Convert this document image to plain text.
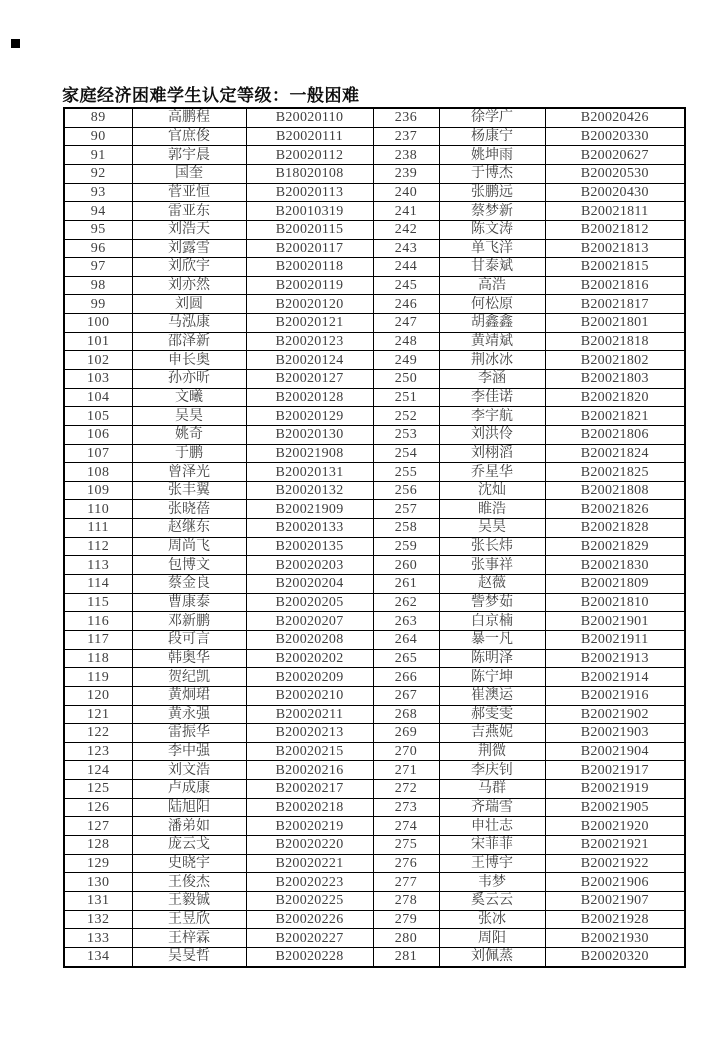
家庭经济困难学生认定等级：一般困难
89	高鹏程	B20020110	236	徐学广	B20020426
90	官庶俊	B20020111	237	杨康宁	B20020330
91	郭宇晨	B20020112	238	姚坤雨	B20020627
92	国奎	B18020108	239	于博杰	B20020530
93	菅亚恒	B20020113	240	张鹏远	B20020430
94	雷亚东	B20010319	241	蔡梦新	B20021811
95	刘浩天	B20020115	242	陈文涛	B20021812
96	刘露雪	B20020117	243	单飞洋	B20021813
97	刘欣宇	B20020118	244	甘泰斌	B20021815
98	刘亦然	B20020119	245	高浩	B20021816
99	刘圆	B20020120	246	何松原	B20021817
100	马泓康	B20020121	247	胡鑫鑫	B20021801
101	邵泽新	B20020123	248	黄靖斌	B20021818
102	申长奥	B20020124	249	荆冰冰	B20021802
103	孙亦昕	B20020127	250	李涵	B20021803
104	文曦	B20020128	251	李佳诺	B20021820
105	吴昊	B20020129	252	李宇航	B20021821
106	姚奇	B20020130	253	刘洪伶	B20021806
107	于鹏	B20021908	254	刘栩滔	B20021824
108	曾泽光	B20020131	255	乔星华	B20021825
109	张丰翼	B20020132	256	沈灿	B20021808
110	张晓蓓	B20021909	257	睢浩	B20021826
111	赵继东	B20020133	258	吴昊	B20021828
112	周尚飞	B20020135	259	张长炜	B20021829
113	包博文	B20020203	260	张事祥	B20021830
114	蔡金良	B20020204	261	赵薇	B20021809
115	曹康泰	B20020205	262	訾梦茹	B20021810
116	邓新鹏	B20020207	263	白京楠	B20021901
117	段可言	B20020208	264	暴一凡	B20021911
118	韩奥华	B20020202	265	陈明泽	B20021913
119	贺纪凯	B20020209	266	陈宁坤	B20021914
120	黄炯珺	B20020210	267	崔澳运	B20021916
121	黄永强	B20020211	268	郝雯雯	B20021902
122	雷振华	B20020213	269	吉燕妮	B20021903
123	李中强	B20020215	270	荆微	B20021904
124	刘文浩	B20020216	271	李庆钊	B20021917
125	卢成康	B20020217	272	马群	B20021919
126	陆旭阳	B20020218	273	齐瑞雪	B20021905
127	潘弟如	B20020219	274	申壮志	B20021920
128	庞云戈	B20020220	275	宋菲菲	B20021921
129	史晓宇	B20020221	276	王博宇	B20021922
130	王俊杰	B20020223	277	韦梦	B20021906
131	王毅铖	B20020225	278	奚云云	B20021907
132	王昱欣	B20020226	279	张冰	B20021928
133	王梓霖	B20020227	280	周阳	B20021930
134	吴旻哲	B20020228	281	刘佩蒸	B20020320
